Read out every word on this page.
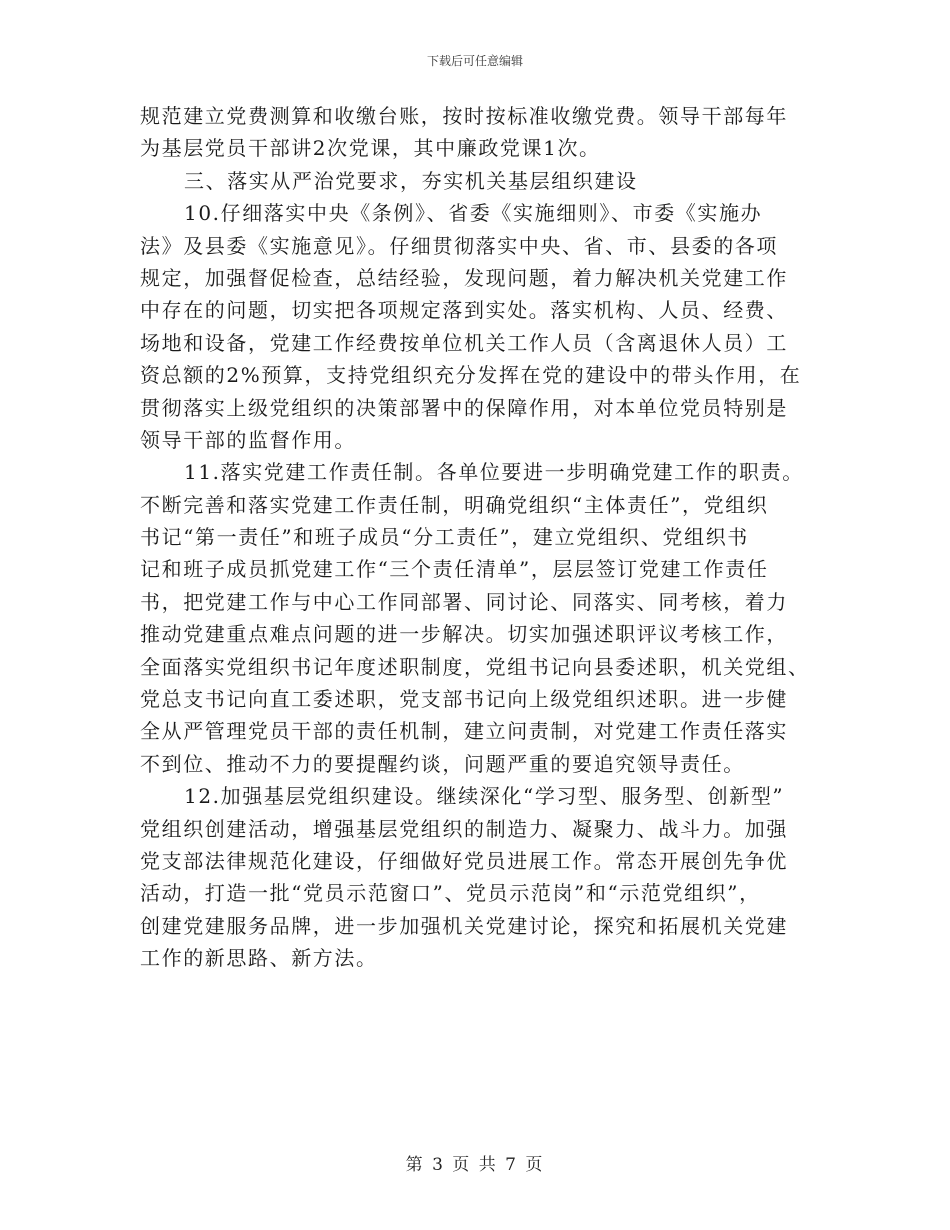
下载后可任意编辑
规范建立党费测算和收缴台账，按时按标准收缴党费。领导干部每年
为基层党员干部讲2次党课，其中廉政党课1次。
三、落实从严治党要求，夯实机关基层组织建设
10.仔细落实中央《条例》、省委《实施细则》、市委《实施办
法》及县委《实施意见》。仔细贯彻落实中央、省、市、县委的各项
规定，加强督促检查，总结经验，发现问题，着力解决机关党建工作
中存在的问题，切实把各项规定落到实处。落实机构、人员、经费、
场地和设备，党建工作经费按单位机关工作人员（含离退休人员）工
资总额的2%预算，支持党组织充分发挥在党的建设中的带头作用，在
贯彻落实上级党组织的决策部署中的保障作用，对本单位党员特别是
领导干部的监督作用。
11.落实党建工作责任制。各单位要进一步明确党建工作的职责。
不断完善和落实党建工作责任制，明确党组织“主体责任”，党组织
书记“第一责任”和班子成员“分工责任”，建立党组织、党组织书
记和班子成员抓党建工作“三个责任清单”，层层签订党建工作责任
书，把党建工作与中心工作同部署、同讨论、同落实、同考核，着力
推动党建重点难点问题的进一步解决。切实加强述职评议考核工作，
全面落实党组织书记年度述职制度，党组书记向县委述职，机关党组、
党总支书记向直工委述职，党支部书记向上级党组织述职。进一步健
全从严管理党员干部的责任机制，建立问责制，对党建工作责任落实
不到位、推动不力的要提醒约谈，问题严重的要追究领导责任。
12.加强基层党组织建设。继续深化“学习型、服务型、创新型”
党组织创建活动，增强基层党组织的制造力、凝聚力、战斗力。加强
党支部法律规范化建设，仔细做好党员进展工作。常态开展创先争优
活动，打造一批“党员示范窗口”、党员示范岗”和“示范党组织”，
创建党建服务品牌，进一步加强机关党建讨论，探究和拓展机关党建
工作的新思路、新方法。
第 3 页 共 7 页
